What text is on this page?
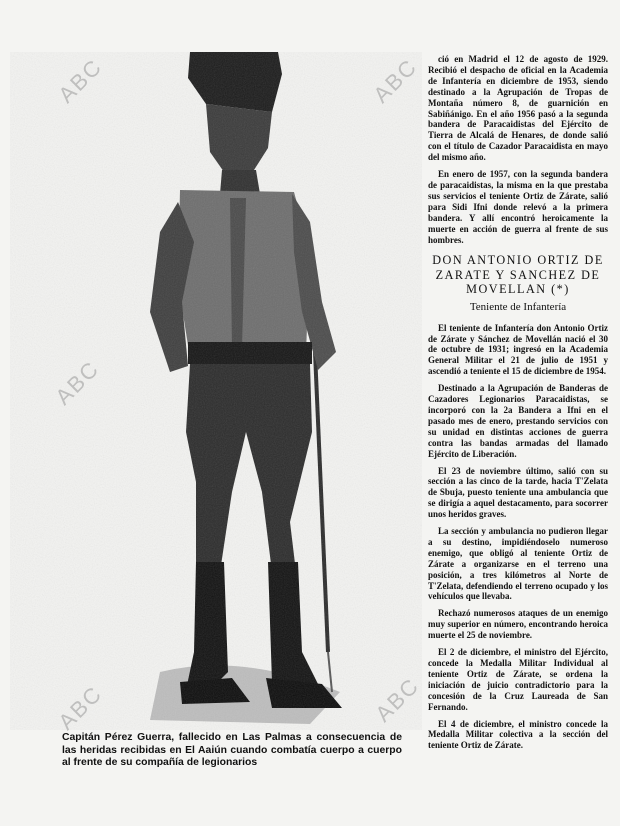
Capitán Pérez Guerra, fallecido en Las Palmas a consecuencia de las heridas recibidas en El Aaiún cuando combatía cuerpo a cuerpo al frente de su compañía de legionarios

ció en Madrid el 12 de agosto de 1929. Recibió el despacho de oficial en la Academia de Infantería en diciembre de 1953, siendo destinado a la Agrupación de Tropas de Montaña número 8, de guarnición en Sabiñánigo. En el año 1956 pasó a la segunda bandera de Paracaidistas del Ejército de Tierra de Alcalá de Henares, de donde salió con el título de Cazador Paracaidista en mayo del mismo año.

En enero de 1957, con la segunda bandera de paracaidistas, la misma en la que prestaba sus servicios el teniente Ortiz de Zárate, salió para Sidi Ifni donde relevó a la primera bandera. Y allí encontró heroicamente la muerte en acción de guerra al frente de sus hombres.

DON ANTONIO ORTIZ DE ZARATE Y SANCHEZ DE MOVELLAN (*)
Teniente de Infantería

El teniente de Infantería don Antonio Ortiz de Zárate y Sánchez de Movellán nació el 30 de octubre de 1931; ingresó en la Academia General Militar el 21 de julio de 1951 y ascendió a teniente el 15 de diciembre de 1954.

Destinado a la Agrupación de Banderas de Cazadores Legionarios Paracaidistas, se incorporó con la 2a Bandera a Ifni en el pasado mes de enero, prestando servicios con su unidad en distintas acciones de guerra contra las bandas armadas del llamado Ejército de Liberación.

El 23 de noviembre último, salió con su sección a las cinco de la tarde, hacia T'Zelata de Sbuja, puesto teniente una ambulancia que se dirigía a aquel destacamento, para socorrer unos heridos graves.

La sección y ambulancia no pudieron llegar a su destino, impidiéndoselo numeroso enemigo, que obligó al teniente Ortiz de Zárate a organizarse en el terreno una posición, a tres kilómetros al Norte de T'Zelata, defendiendo el terreno ocupado y los vehículos que llevaba.

Rechazó numerosos ataques de un enemigo muy superior en número, encontrando heroica muerte el 25 de noviembre.

El 2 de diciembre, el ministro del Ejército, concede la Medalla Militar Individual al teniente Ortiz de Zárate, se ordena la iniciación de juicio contradictorio para la concesión de la Cruz Laureada de San Fernando.

El 4 de diciembre, el ministro concede la Medalla Militar colectiva a la sección del teniente Ortiz de Zárate.

ABC	ABC
ABC
ABC	ABC
